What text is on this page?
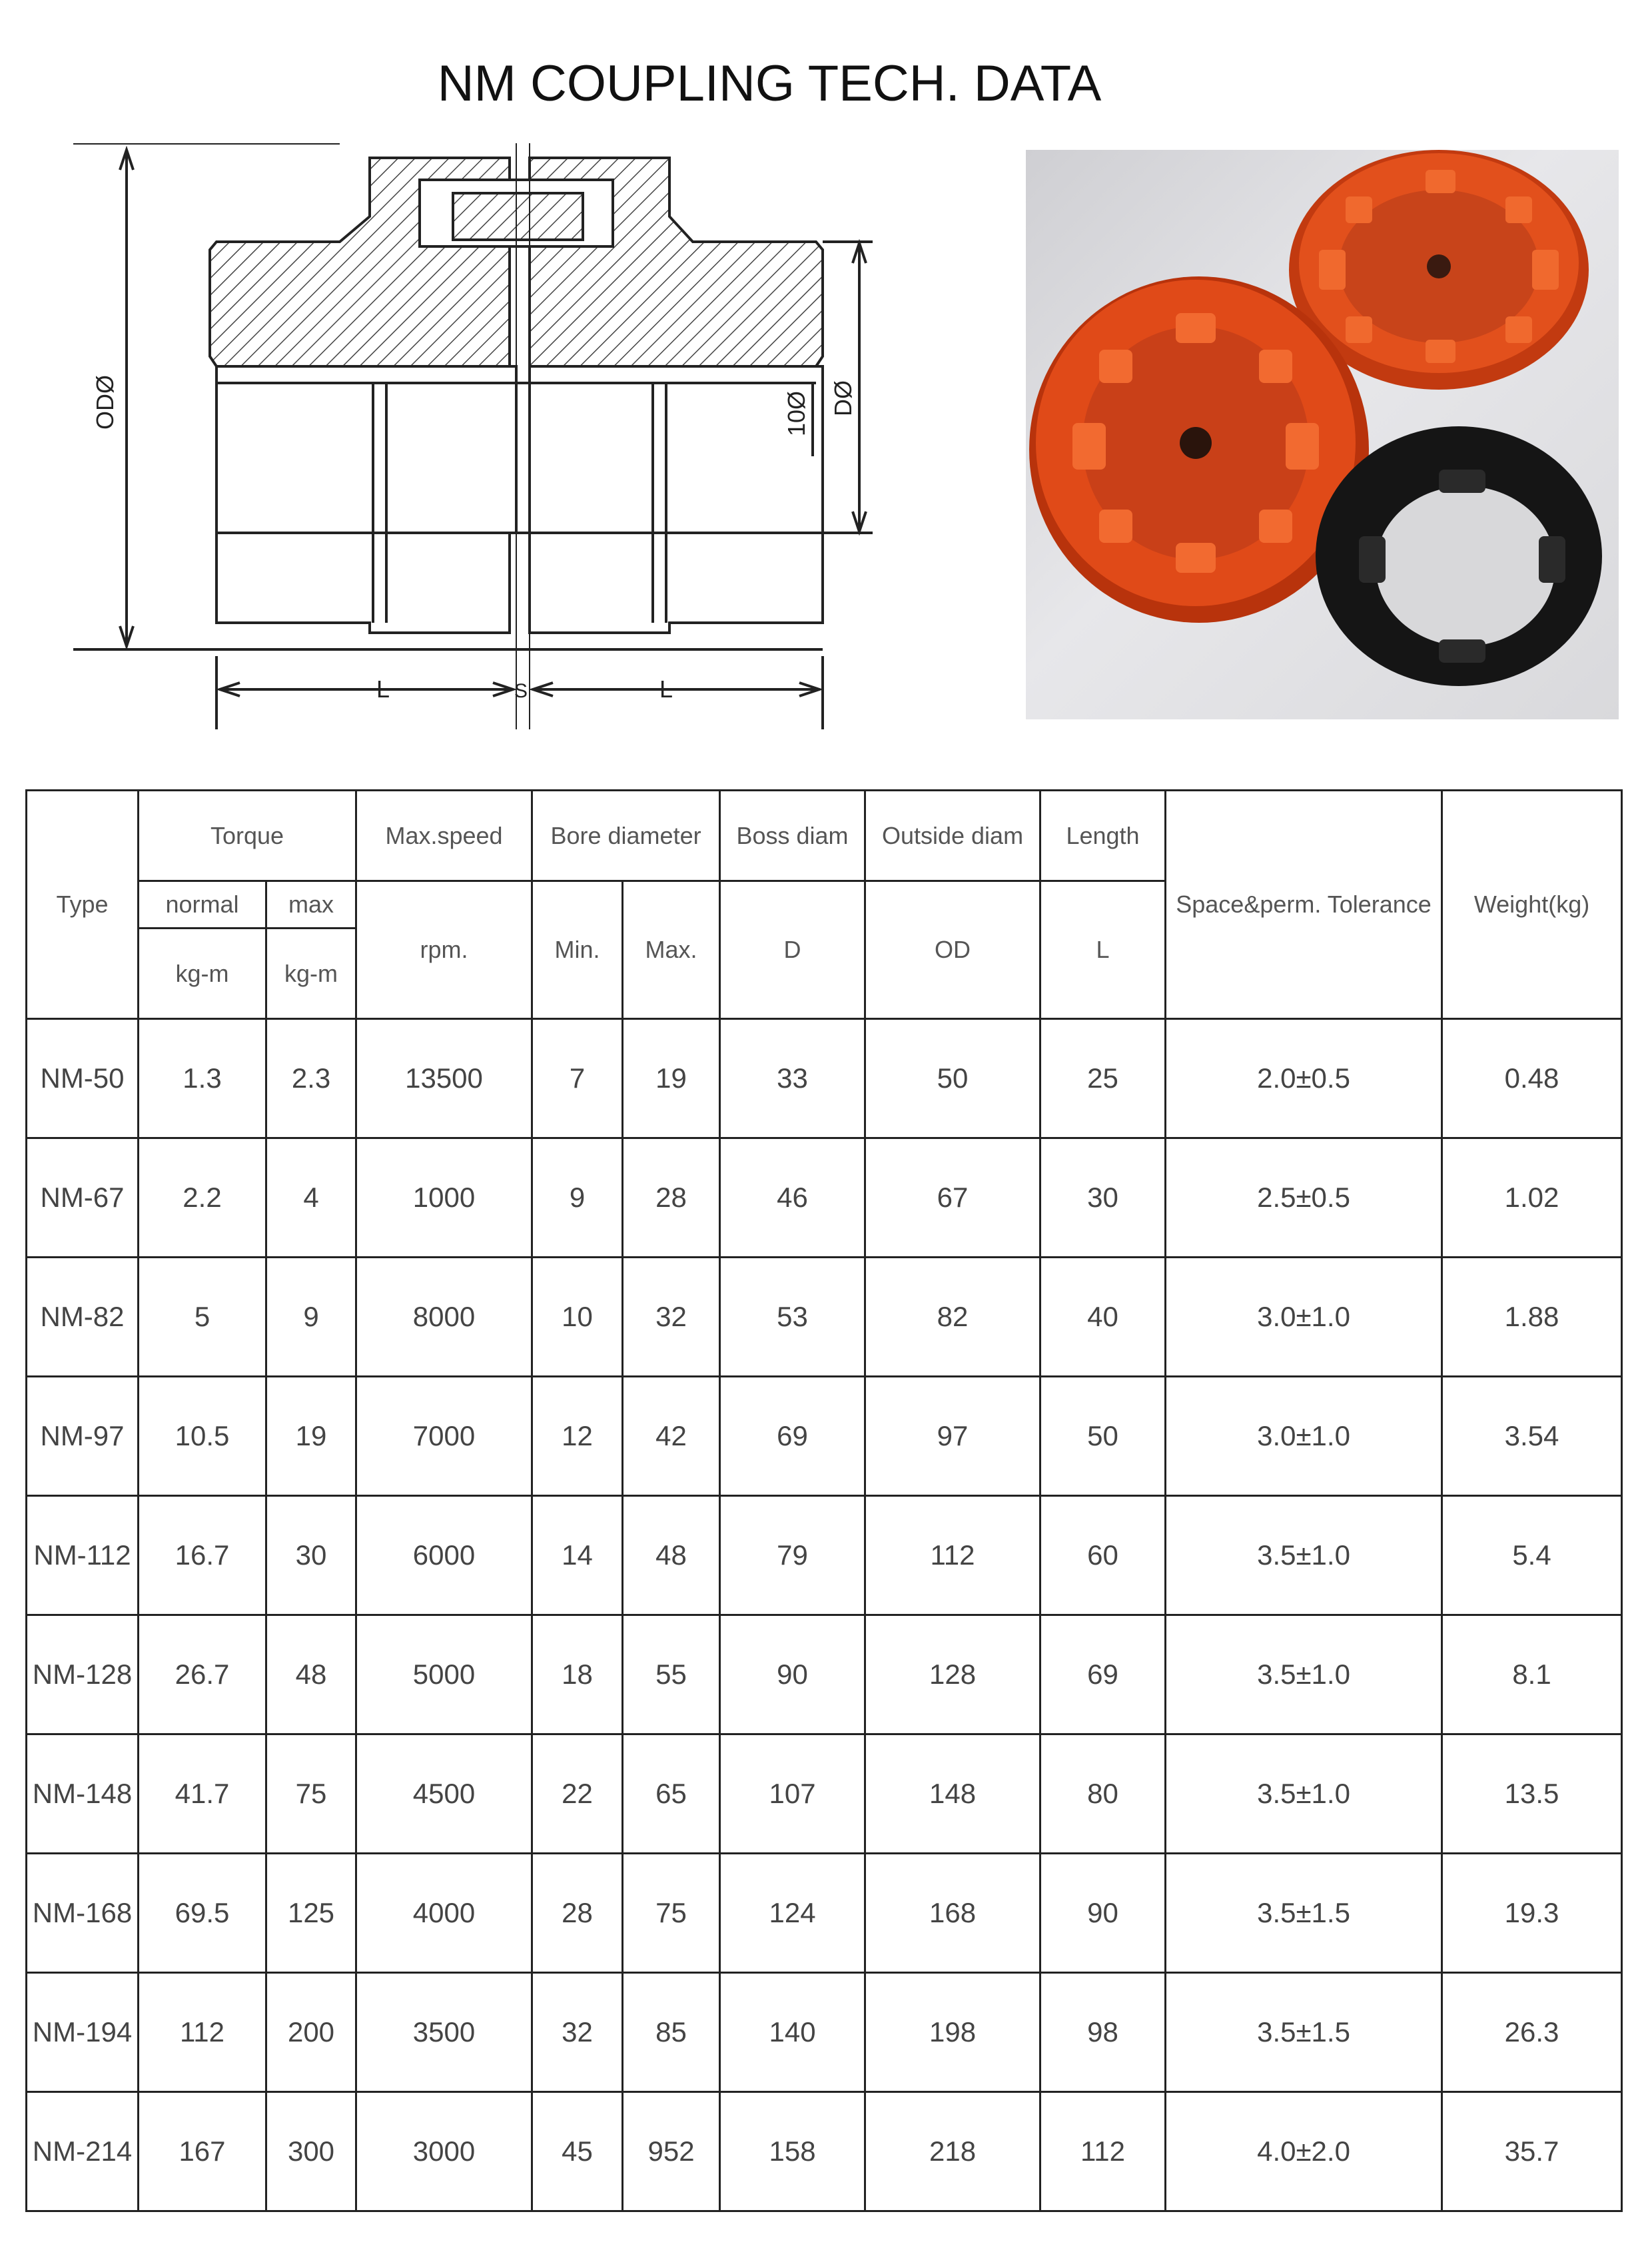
NM COUPLING TECH. DATA
ODØ	DØ
10Ø
L	S	L
Type	Torque		Max.speed	Bore diameter		Boss diam	Outside diam	Length	Space&perm. Tolerance	Weight(kg)
	normal	max	rpm.	Min.	Max.	D	OD	L		
	kg-m	kg-m								
NM-50	1.3	2.3	13500	7	19	33	50	25	2.0±0.5	0.48
NM-67	2.2	4	1000	9	28	46	67	30	2.5±0.5	1.02
NM-82	5	9	8000	10	32	53	82	40	3.0±1.0	1.88
NM-97	10.5	19	7000	12	42	69	97	50	3.0±1.0	3.54
NM-112	16.7	30	6000	14	48	79	112	60	3.5±1.0	5.4
NM-128	26.7	48	5000	18	55	90	128	69	3.5±1.0	8.1
NM-148	41.7	75	4500	22	65	107	148	80	3.5±1.0	13.5
NM-168	69.5	125	4000	28	75	124	168	90	3.5±1.5	19.3
NM-194	112	200	3500	32	85	140	198	98	3.5±1.5	26.3
NM-214	167	300	3000	45	952	158	218	112	4.0±2.0	35.7
